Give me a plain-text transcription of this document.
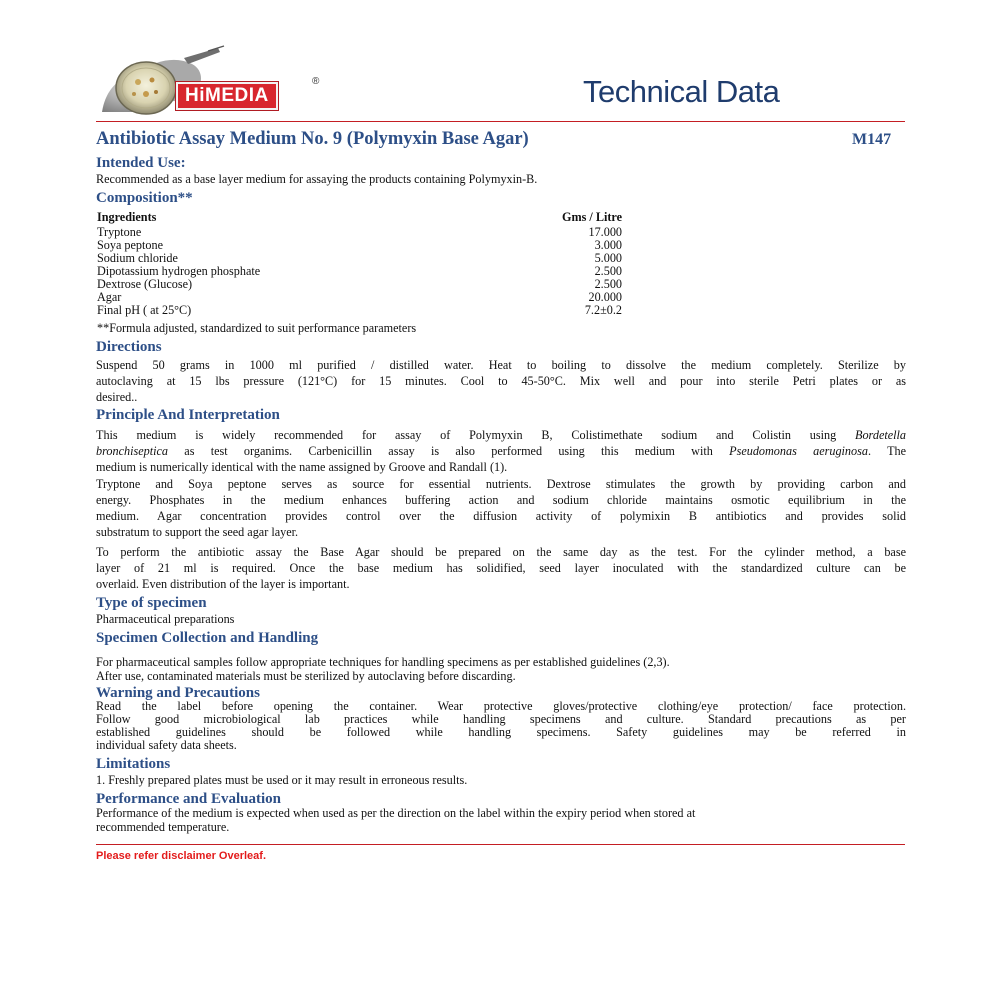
HiMEDIA
®	Technical Data
Antibiotic Assay Medium No. 9 (Polymyxin Base Agar)	M147
Intended Use:
Recommended as a base layer medium for assaying the products containing Polymyxin-B.
Composition**
Ingredients	Gms / Litre
Tryptone	17.000
Soya peptone	3.000
Sodium chloride	5.000
Dipotassium hydrogen phosphate	2.500
Dextrose (Glucose)	2.500
Agar	20.000
Final pH ( at 25°C)	7.2±0.2
**Formula adjusted, standardized to suit performance parameters
Directions
Suspend 50 grams in 1000 ml purified / distilled water. Heat to boiling to dissolve the medium completely. Sterilize by
autoclaving at 15 lbs pressure (121°C) for 15 minutes. Cool to 45-50°C. Mix well and pour into sterile Petri plates or as
desired..
Principle And Interpretation
This medium is widely recommended for assay of Polymyxin B, Colistimethate sodium and Colistin using Bordetella
bronchiseptica as test organims. Carbenicillin assay is also performed using this medium with Pseudomonas aeruginosa. The
medium is numerically identical with the name assigned by Groove and Randall (1).
Tryptone and Soya peptone serves as source for essential nutrients. Dextrose stimulates the growth by providing carbon and
energy. Phosphates in the medium enhances buffering action and sodium chloride maintains osmotic equilibrium in the
medium. Agar concentration provides control over the diffusion activity of polymixin B antibiotics and provides solid
substratum to support the seed agar layer.
To perform the antibiotic assay the Base Agar should be prepared on the same day as the test. For the cylinder method, a base
layer of 21 ml is required. Once the base medium has solidified, seed layer inoculated with the standardized culture can be
overlaid. Even distribution of the layer is important.
Type of specimen
Pharmaceutical preparations
Specimen Collection and Handling
For pharmaceutical samples follow appropriate techniques for handling specimens as per established guidelines (2,3).
After use, contaminated materials must be sterilized by autoclaving before discarding.
Warning and Precautions
Read the label before opening the container. Wear protective gloves/protective clothing/eye protection/ face protection.
Follow good microbiological lab practices while handling specimens and culture. Standard precautions as per
established guidelines should be followed while handling specimens. Safety guidelines may be referred in
individual safety data sheets.
Limitations
1. Freshly prepared plates must be used or it may result in erroneous results.
Performance and Evaluation
Performance of the medium is expected when used as per the direction on the label within the expiry period when stored at
recommended temperature.
Please refer disclaimer Overleaf.
